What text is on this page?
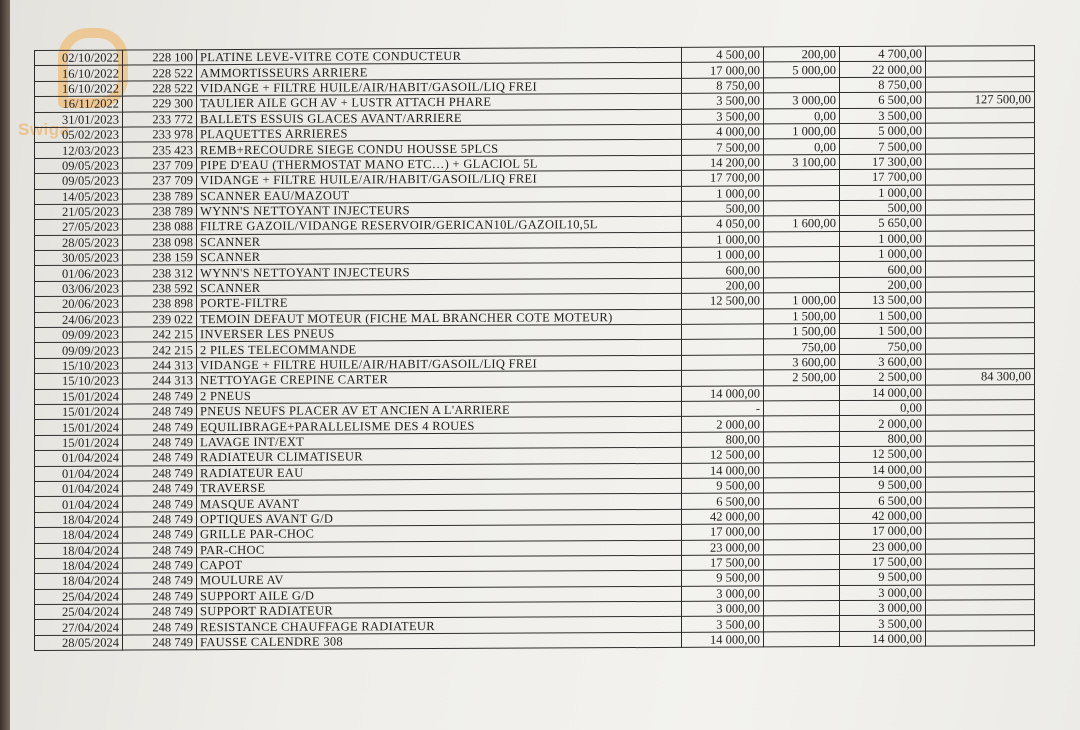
Swiga
02/10/2022	228 100	PLATINE LEVE-VITRE COTE CONDUCTEUR	4 500,00	200,00	4 700,00	
16/10/2022	228 522	AMMORTISSEURS ARRIERE	17 000,00	5 000,00	22 000,00	
16/10/2022	228 522	VIDANGE + FILTRE HUILE/AIR/HABIT/GASOIL/LIQ FREI	8 750,00		8 750,00	
16/11/2022	229 300	TAULIER AILE GCH AV + LUSTR ATTACH PHARE	3 500,00	3 000,00	6 500,00	127 500,00
31/01/2023	233 772	BALLETS ESSUIS GLACES AVANT/ARRIERE	3 500,00	0,00	3 500,00	
05/02/2023	233 978	PLAQUETTES ARRIERES	4 000,00	1 000,00	5 000,00	
12/03/2023	235 423	REMB+RECOUDRE SIEGE CONDU HOUSSE 5PLCS	7 500,00	0,00	7 500,00	
09/05/2023	237 709	PIPE D'EAU (THERMOSTAT MANO ETC…) + GLACIOL 5L	14 200,00	3 100,00	17 300,00	
09/05/2023	237 709	VIDANGE + FILTRE HUILE/AIR/HABIT/GASOIL/LIQ FREI	17 700,00		17 700,00	
14/05/2023	238 789	SCANNER EAU/MAZOUT	1 000,00		1 000,00	
21/05/2023	238 789	WYNN'S NETTOYANT INJECTEURS	500,00		500,00	
27/05/2023	238 088	FILTRE GAZOIL/VIDANGE RESERVOIR/GERICAN10L/GAZOIL10,5L	4 050,00	1 600,00	5 650,00	
28/05/2023	238 098	SCANNER	1 000,00		1 000,00	
30/05/2023	238 159	SCANNER	1 000,00		1 000,00	
01/06/2023	238 312	WYNN'S NETTOYANT INJECTEURS	600,00		600,00	
03/06/2023	238 592	SCANNER	200,00		200,00	
20/06/2023	238 898	PORTE-FILTRE	12 500,00	1 000,00	13 500,00	
24/06/2023	239 022	TEMOIN DEFAUT MOTEUR (FICHE MAL BRANCHER COTE MOTEUR)		1 500,00	1 500,00	
09/09/2023	242 215	INVERSER LES PNEUS		1 500,00	1 500,00	
09/09/2023	242 215	2 PILES TELECOMMANDE		750,00	750,00	
15/10/2023	244 313	VIDANGE + FILTRE HUILE/AIR/HABIT/GASOIL/LIQ FREI		3 600,00	3 600,00	
15/10/2023	244 313	NETTOYAGE CREPINE CARTER		2 500,00	2 500,00	84 300,00
15/01/2024	248 749	2 PNEUS	14 000,00		14 000,00	
15/01/2024	248 749	PNEUS NEUFS PLACER AV ET ANCIEN A L'ARRIERE	-		0,00	
15/01/2024	248 749	EQUILIBRAGE+PARALLELISME DES 4 ROUES	2 000,00		2 000,00	
15/01/2024	248 749	LAVAGE INT/EXT	800,00		800,00	
01/04/2024	248 749	RADIATEUR CLIMATISEUR	12 500,00		12 500,00	
01/04/2024	248 749	RADIATEUR EAU	14 000,00		14 000,00	
01/04/2024	248 749	TRAVERSE	9 500,00		9 500,00	
01/04/2024	248 749	MASQUE AVANT	6 500,00		6 500,00	
18/04/2024	248 749	OPTIQUES AVANT G/D	42 000,00		42 000,00	
18/04/2024	248 749	GRILLE PAR-CHOC	17 000,00		17 000,00	
18/04/2024	248 749	PAR-CHOC	23 000,00		23 000,00	
18/04/2024	248 749	CAPOT	17 500,00		17 500,00	
18/04/2024	248 749	MOULURE AV	9 500,00		9 500,00	
25/04/2024	248 749	SUPPORT AILE G/D	3 000,00		3 000,00	
25/04/2024	248 749	SUPPORT RADIATEUR	3 000,00		3 000,00	
27/04/2024	248 749	RESISTANCE CHAUFFAGE RADIATEUR	3 500,00		3 500,00	
28/05/2024	248 749	FAUSSE CALENDRE 308	14 000,00		14 000,00	
